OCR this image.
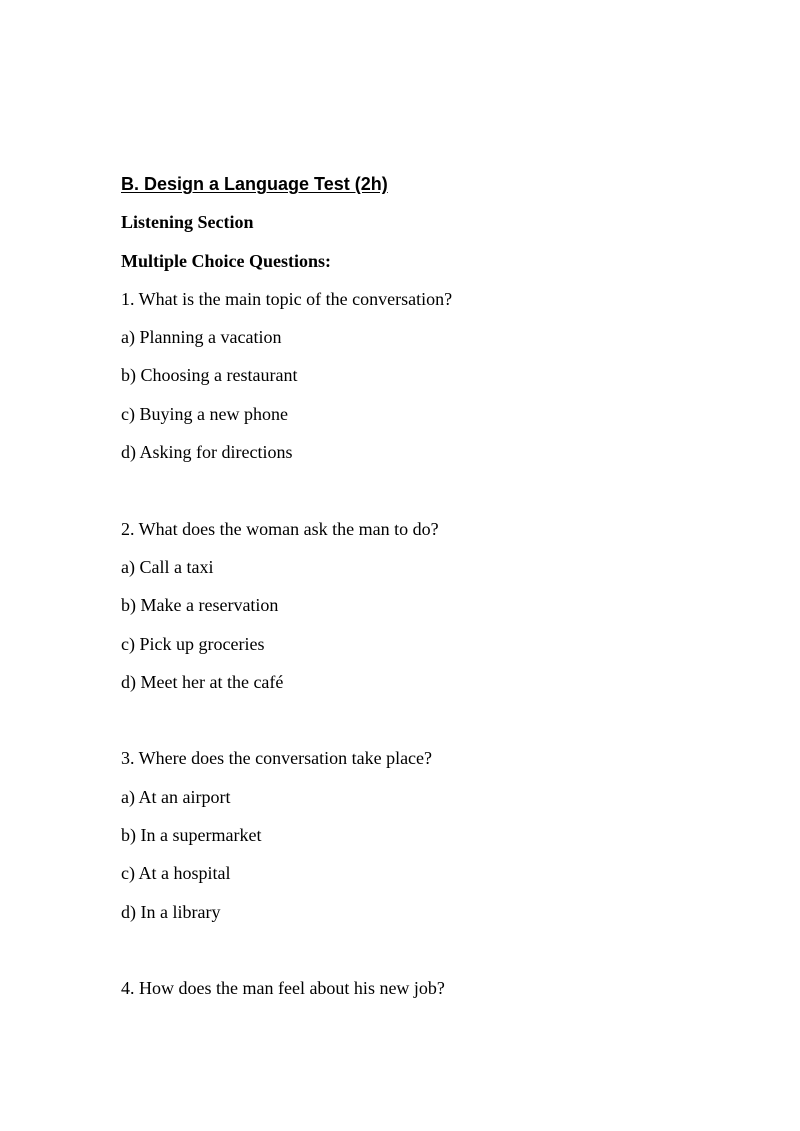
B. Design a Language Test (2h)
Listening Section
Multiple Choice Questions:
1. What is the main topic of the conversation?
a) Planning a vacation
b) Choosing a restaurant
c) Buying a new phone
d) Asking for directions
2. What does the woman ask the man to do?
a) Call a taxi
b) Make a reservation
c) Pick up groceries
d) Meet her at the café
3. Where does the conversation take place?
a) At an airport
b) In a supermarket
c) At a hospital
d) In a library
4. How does the man feel about his new job?
